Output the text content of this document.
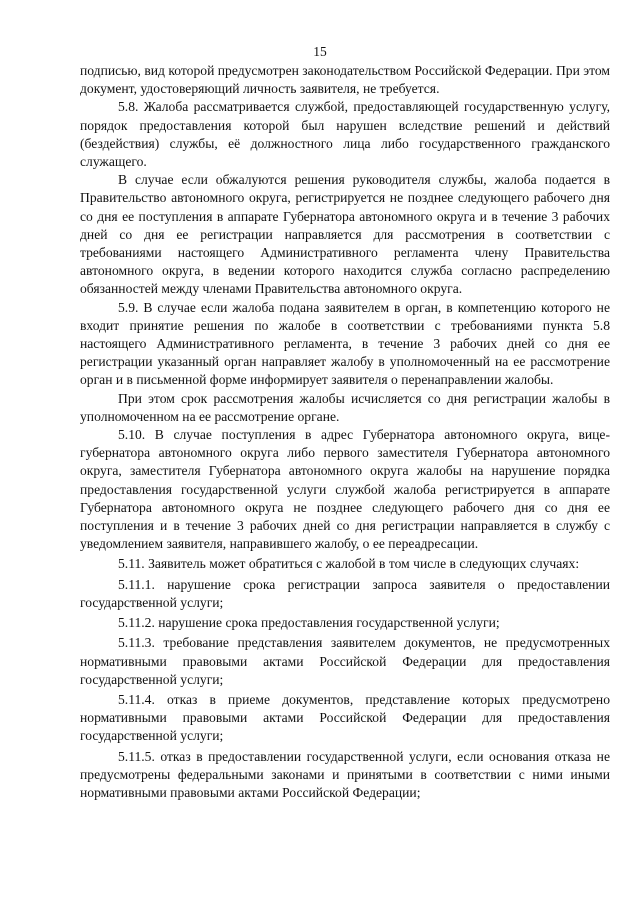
15

подписью, вид которой предусмотрен законодательством Российской Федерации. При этом документ, удостоверяющий личность заявителя, не требуется.

5.8. Жалоба рассматривается службой, предоставляющей государственную услугу, порядок предоставления которой был нарушен вследствие решений и действий (бездействия) службы, её должностного лица либо государственного гражданского служащего.

В случае если обжалуются решения руководителя службы, жалоба подается в Правительство автономного округа, регистрируется не позднее следующего рабочего дня со дня ее поступления в аппарате Губернатора автономного округа и в течение 3 рабочих дней со дня ее регистрации направляется для рассмотрения в соответствии с требованиями настоящего Административного регламента члену Правительства автономного округа, в ведении которого находится служба согласно распределению обязанностей между членами Правительства автономного округа.

5.9. В случае если жалоба подана заявителем в орган, в компетенцию которого не входит принятие решения по жалобе в соответствии с требованиями пункта 5.8 настоящего Административного регламента, в течение 3 рабочих дней со дня ее регистрации указанный орган направляет жалобу в уполномоченный на ее рассмотрение орган и в письменной форме информирует заявителя о перенаправлении жалобы.

При этом срок рассмотрения жалобы исчисляется со дня регистрации жалобы в уполномоченном на ее рассмотрение органе.

5.10. В случае поступления в адрес Губернатора автономного округа, вице-губернатора автономного округа либо первого заместителя Губернатора автономного округа, заместителя Губернатора автономного округа жалобы на нарушение порядка предоставления государственной услуги службой жалоба регистрируется в аппарате Губернатора автономного округа не позднее следующего рабочего дня со дня ее поступления и в течение 3 рабочих дней со дня регистрации направляется в службу с уведомлением заявителя, направившего жалобу, о ее переадресации.

5.11. Заявитель может обратиться с жалобой в том числе в следующих случаях:

5.11.1. нарушение срока регистрации запроса заявителя о предоставлении государственной услуги;

5.11.2. нарушение срока предоставления государственной услуги;

5.11.3. требование представления заявителем документов, не предусмотренных нормативными правовыми актами Российской Федерации для предоставления государственной услуги;

5.11.4. отказ в приеме документов, представление которых предусмотрено нормативными правовыми актами Российской Федерации для предоставления государственной услуги;

5.11.5. отказ в предоставлении государственной услуги, если основания отказа не предусмотрены федеральными законами и принятыми в соответствии с ними иными нормативными правовыми актами Российской Федерации;
